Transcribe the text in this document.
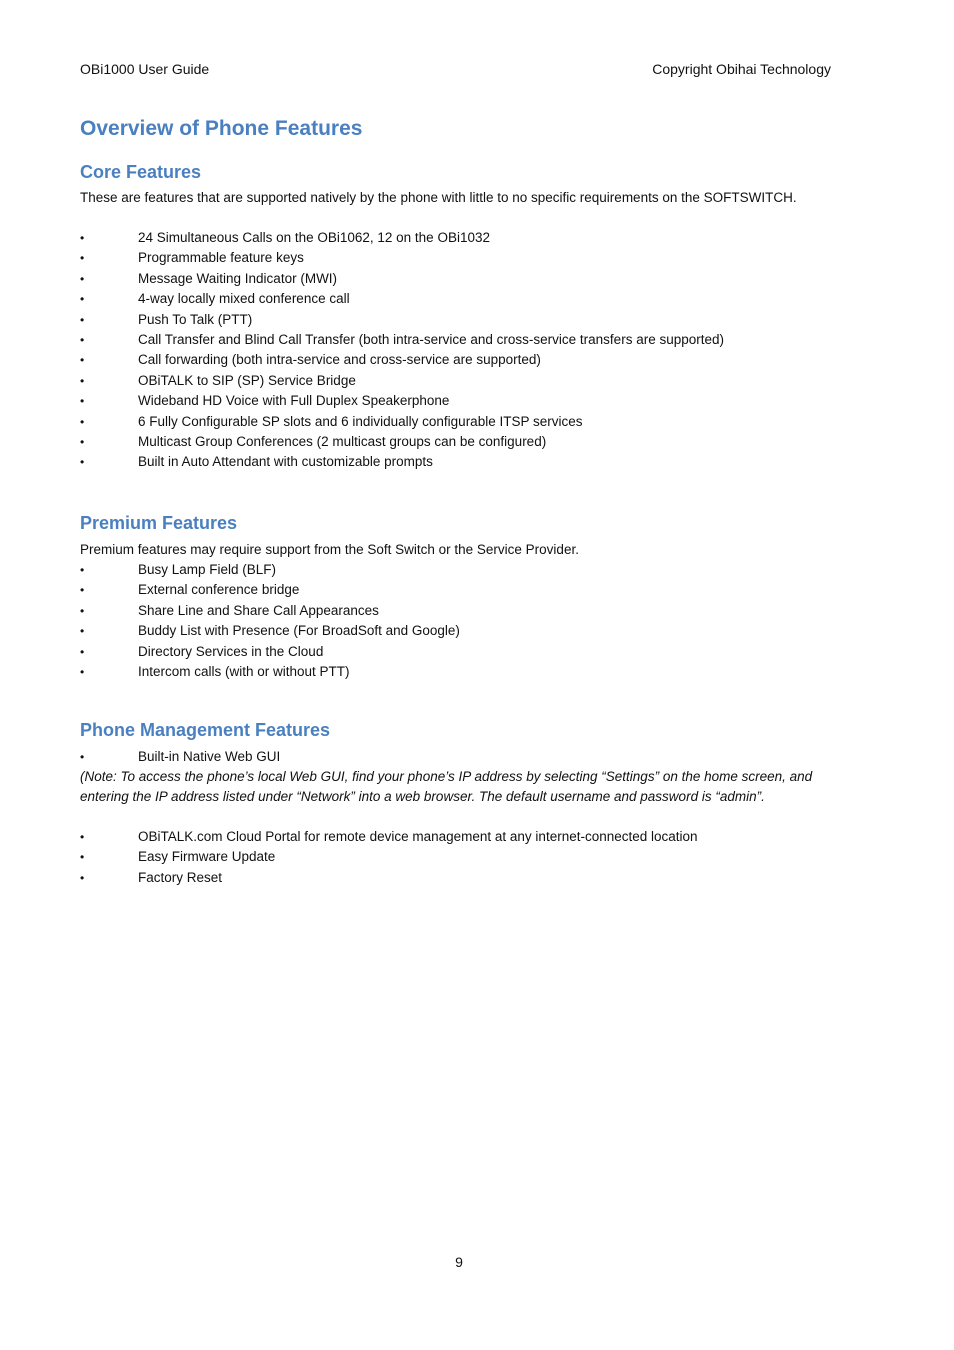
OBi1000 User Guide	Copyright Obihai Technology
Overview of Phone Features
Core Features

These are features that are supported natively by the phone with little to no specific requirements on the SOFTSWITCH.

•	24 Simultaneous Calls on the OBi1062, 12 on the OBi1032
•	Programmable feature keys
•	Message Waiting Indicator (MWI)
•	4-way locally mixed conference call
•	Push To Talk (PTT)
•	Call Transfer and Blind Call Transfer (both intra-service and cross-service transfers are supported)
•	Call forwarding (both intra-service and cross-service are supported)
•	OBiTALK to SIP (SP) Service Bridge
•	Wideband HD Voice with Full Duplex Speakerphone
•	6 Fully Configurable SP slots and 6 individually configurable ITSP services
•	Multicast Group Conferences (2 multicast groups can be configured)
•	Built in Auto Attendant with customizable prompts
Premium Features

Premium features may require support from the Soft Switch or the Service Provider.

•	Busy Lamp Field (BLF)
•	External conference bridge
•	Share Line and Share Call Appearances
•	Buddy List with Presence (For BroadSoft and Google)
•	Directory Services in the Cloud
•	Intercom calls (with or without PTT)
Phone Management Features
•	Built-in Native Web GUI

(Note: To access the phone’s local Web GUI, find your phone’s IP address by selecting “Settings” on the home screen, and entering the IP address listed under “Network” into a web browser. The default username and password is “admin”.

•	OBiTALK.com Cloud Portal for remote device management at any internet-connected location
•	Easy Firmware Update
•	Factory Reset
9
